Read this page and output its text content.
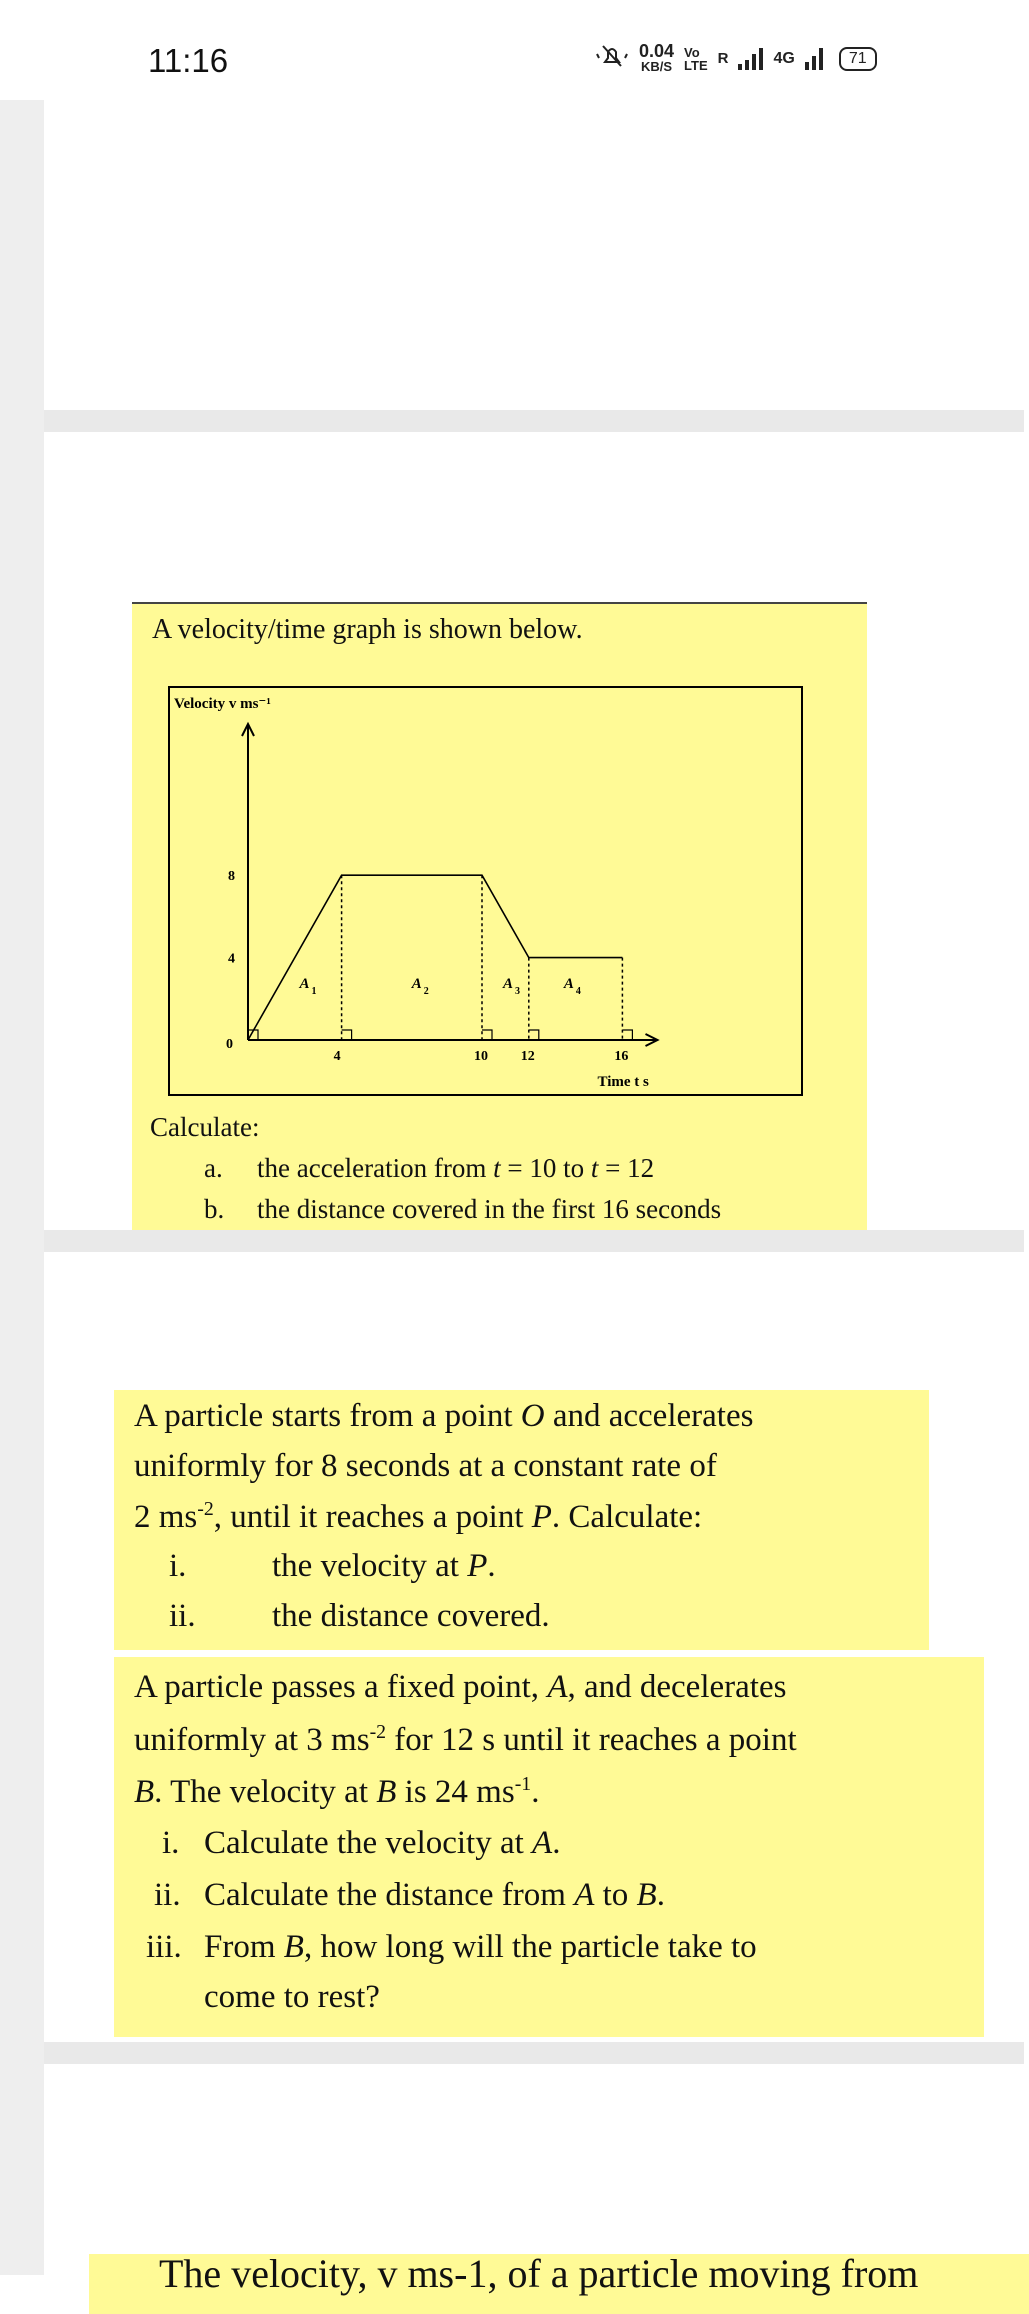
11:16	0.04
KB/S
Vo
LTE R	4G	71
A velocity/time graph is shown below.
Velocity v ms⁻¹
Time t s
0
4
8
4	10 12	16
A 1	A 2	A 3	A 4
Calculate:
a. the acceleration from t = 10 to t = 12
b. the distance covered in the first 16 seconds
A particle starts from a point O and accelerates
uniformly for 8 seconds at a constant rate of
2 $ms^{-2}$, until it reaches a point P. Calculate:
i.	the velocity at P.
ii. the distance covered.
A particle passes a fixed point, A, and decelerates
uniformly at 3 $ms^{-2}$ for 12 s until it reaches a point
B. The velocity at B is 24 $ms^{-1}$.
i. Calculate the velocity at A.
ii. Calculate the distance from A to B.
iii. From B, how long will the particle take to
come to rest?
The velocity, v ms-1, of a particle moving from
